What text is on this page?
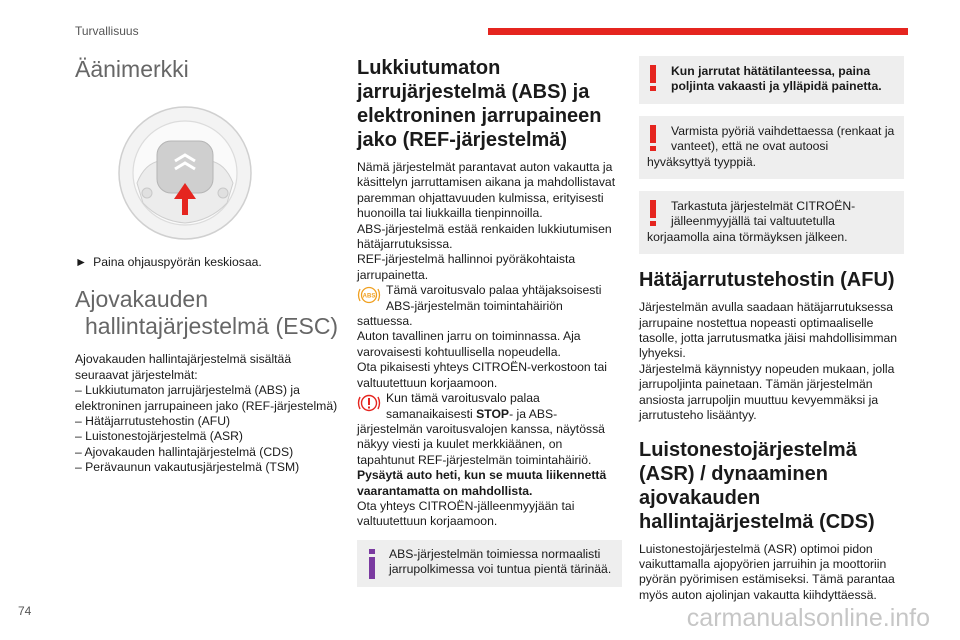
Turvallisuus
Äänimerkki
► Paina ohjauspyörän keskiosaa.
Ajovakauden
hallintajärjestelmä (ESC)
Ajovakauden hallintajärjestelmä sisältää seuraavat järjestelmät:
– Lukkiutumaton jarrujärjestelmä (ABS) ja elektroninen jarrupaineen jako (REF-järjestelmä)
– Hätäjarrutustehostin (AFU)
– Luistonestojärjestelmä (ASR)
– Ajovakauden hallintajärjestelmä (CDS)
– Perävaunun vakautusjärjestelmä (TSM)
Lukkiutumaton jarrujärjestelmä (ABS) ja elektroninen jarrupaineen jako (REF-järjestelmä)
Nämä järjestelmät parantavat auton vakautta ja käsittelyn jarruttamisen aikana ja mahdollistavat paremman ohjattavuuden kulmissa, erityisesti huonoilla tai liukkailla tienpinnoilla.
ABS-järjestelmä estää renkaiden lukkiutumisen hätäjarrutuksissa.
REF-järjestelmä hallinnoi pyöräkohtaista jarrupainetta.
ABS Tämä varoitusvalo palaa yhtäjaksoisesti
ABS-järjestelmän toimintahäiriön
sattuessa.
Auton tavallinen jarru on toiminnassa. Aja varovaisesti kohtuullisella nopeudella.
Ota pikaisesti yhteys CITROËN-verkostoon tai valtuutettuun korjaamoon.
Kun tämä varoitusvalo palaa
samanaikaisesti STOP- ja ABS-
järjestelmän varoitusvalojen kanssa, näytössä näkyy viesti ja kuulet merkkiäänen, on tapahtunut REF-järjestelmän toimintahäiriö.
Pysäytä auto heti, kun se muuta liikennettä vaarantamatta on mahdollista.
Ota yhteys CITROËN-jälleenmyyjään tai valtuutettuun korjaamoon.
ABS-järjestelmän toimiessa normaalisti jarrupolkimessa voi tuntua pientä tärinää.
Kun jarrutat hätätilanteessa, paina poljinta vakaasti ja ylläpidä painetta.
Varmista pyöriä vaihdettaessa (renkaat ja vanteet), että ne ovat autoosi
hyväksyttyä tyyppiä.
Tarkastuta järjestelmät CITROËN-jälleenmyyjällä tai valtuutetulla
korjaamolla aina törmäyksen jälkeen.
Hätäjarrutustehostin (AFU)
Järjestelmän avulla saadaan hätäjarrutuksessa jarrupaine nostettua nopeasti optimaaliselle tasolle, jotta jarrutusmatka jäisi mahdollisimman lyhyeksi.
Järjestelmä käynnistyy nopeuden mukaan, jolla jarrupoljinta painetaan. Tämän järjestelmän ansiosta jarrupoljin muuttuu kevyemmäksi ja jarrutusteho lisääntyy.
Luistonestojärjestelmä (ASR) / dynaaminen ajovakauden hallintajärjestelmä (CDS)
Luistonestojärjestelmä (ASR) optimoi pidon vaikuttamalla ajopyörien jarruihin ja moottoriin pyörän pyörimisen estämiseksi. Tämä parantaa myös auton ajolinjan vakautta kiihdyttäessä.
74	carmanualsonline.info
